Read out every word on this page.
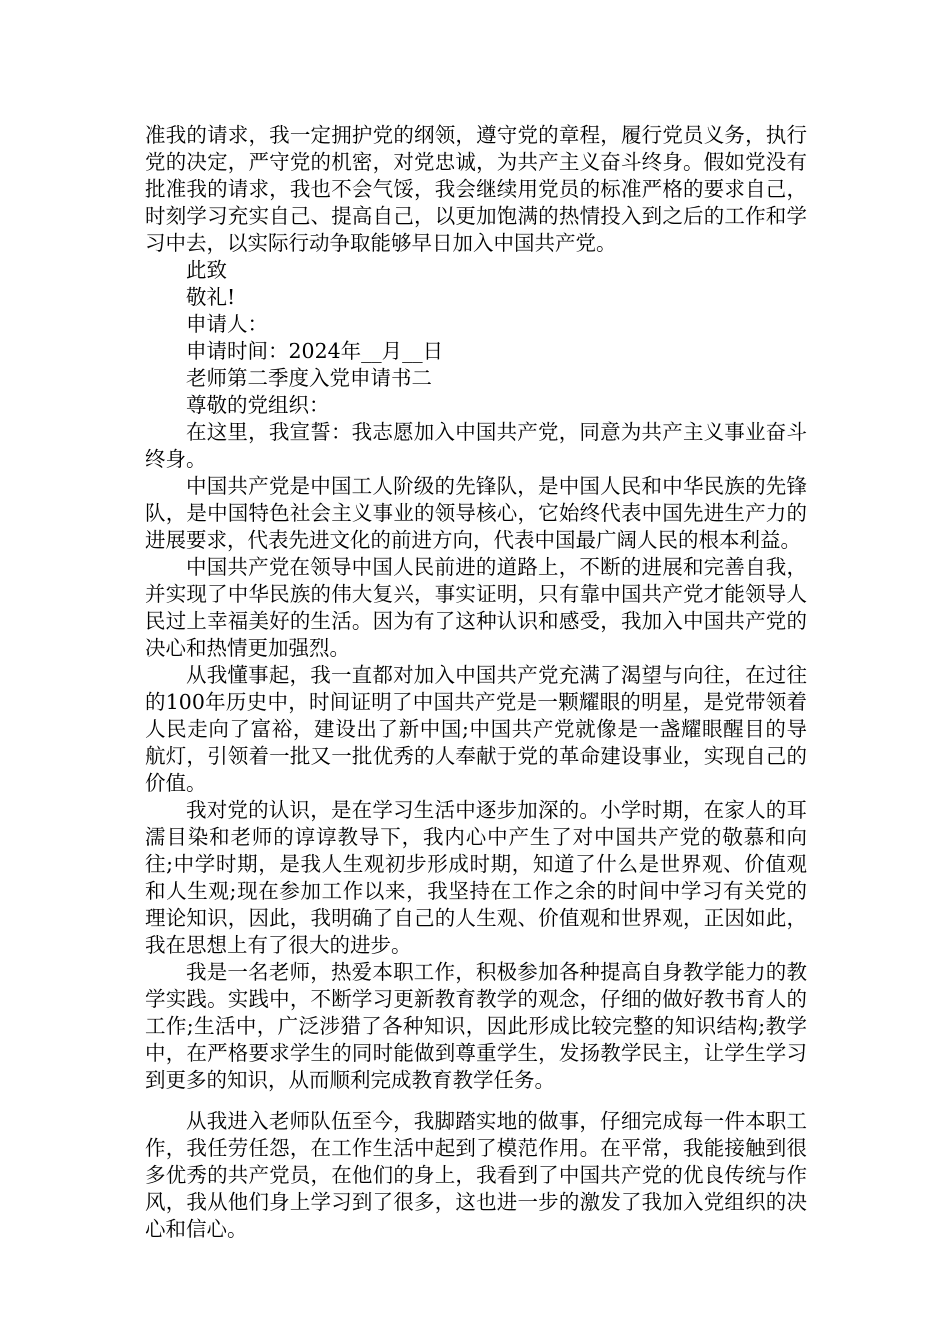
准我的请求，我一定拥护党的纲领，遵守党的章程，履行党员义务，执行党的决定，严守党的机密，对党忠诚，为共产主义奋斗终身。假如党没有批准我的请求，我也不会气馁，我会继续用党员的标准严格的要求自己，时刻学习充实自己、提高自己，以更加饱满的热情投入到之后的工作和学习中去，以实际行动争取能够早日加入中国共产党。

此致

敬礼!

申请人：

申请时间：2024年__月__日

老师第二季度入党申请书二

尊敬的党组织：

在这里，我宣誓：我志愿加入中国共产党，同意为共产主义事业奋斗终身。

中国共产党是中国工人阶级的先锋队，是中国人民和中华民族的先锋队，是中国特色社会主义事业的领导核心，它始终代表中国先进生产力的进展要求，代表先进文化的前进方向，代表中国最广阔人民的根本利益。

中国共产党在领导中国人民前进的道路上，不断的进展和完善自我，并实现了中华民族的伟大复兴，事实证明，只有靠中国共产党才能领导人民过上幸福美好的生活。因为有了这种认识和感受，我加入中国共产党的决心和热情更加强烈。

从我懂事起，我一直都对加入中国共产党充满了渴望与向往，在过往的100年历史中，时间证明了中国共产党是一颗耀眼的明星，是党带领着人民走向了富裕，建设出了新中国;中国共产党就像是一盏耀眼醒目的导航灯，引领着一批又一批优秀的人奉献于党的革命建设事业，实现自己的价值。

我对党的认识，是在学习生活中逐步加深的。小学时期，在家人的耳濡目染和老师的谆谆教导下，我内心中产生了对中国共产党的敬慕和向往;中学时期，是我人生观初步形成时期，知道了什么是世界观、价值观和人生观;现在参加工作以来，我坚持在工作之余的时间中学习有关党的理论知识，因此，我明确了自己的人生观、价值观和世界观，正因如此，我在思想上有了很大的进步。

我是一名老师，热爱本职工作，积极参加各种提高自身教学能力的教学实践。实践中，不断学习更新教育教学的观念，仔细的做好教书育人的工作;生活中，广泛涉猎了各种知识，因此形成比较完整的知识结构;教学中，在严格要求学生的同时能做到尊重学生，发扬教学民主，让学生学习到更多的知识，从而顺利完成教育教学任务。

从我进入老师队伍至今，我脚踏实地的做事，仔细完成每一件本职工作，我任劳任怨，在工作生活中起到了模范作用。在平常，我能接触到很多优秀的共产党员，在他们的身上，我看到了中国共产党的优良传统与作风，我从他们身上学习到了很多，这也进一步的激发了我加入党组织的决心和信心。
